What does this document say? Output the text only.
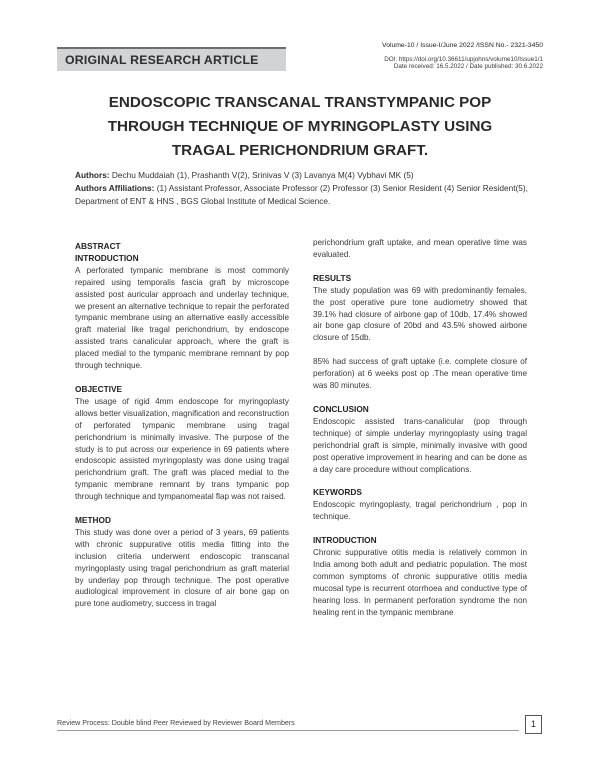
Volume-10 / Issue-I/June 2022 /ISSN No.- 2321-3450
DOI: https://doi.org/10.36611/upjohns/volume10/Issue1/1
Date received: 16.5.2022 / Date published: 30.6.2022
ORIGINAL RESEARCH ARTICLE
ENDOSCOPIC TRANSCANAL TRANSTYMPANIC POP
THROUGH TECHNIQUE OF MYRINGOPLASTY USING
TRAGAL PERICHONDRIUM GRAFT.
Authors: Dechu Muddaiah (1), Prashanth V(2), Srinivas V (3) Lavanya M(4) Vybhavi MK (5)
Authors Affiliations: (1) Assistant Professor, Associate Professor (2) Professor (3) Senior Resident (4) Senior Resident(5), Department of ENT & HNS , BGS Global Institute of Medical Science.
ABSTRACT
INTRODUCTION

A perforated tympanic membrane is most commonly repaired using temporalis fascia graft by microscope assisted post auricular approach and underlay technique, we present an alternative technique to repair the perforated tympanic membrane using an alternative easily accessible graft material like tragal perichondrium, by endoscope assisted trans canalicular approach, where the graft is placed medial to the tympanic membrane remnant by pop through technique.

OBJECTIVE

The usage of rigid 4mm endoscope for myringoplasty allows better visualization, magnification and reconstruction of perforated tympanic membrane using tragal perichondrium is minimally invasive. The purpose of the study is to put across our experience in 69 patients where endoscopic assisted myringoplasty was done using tragal perichondrium graft. The graft was placed medial to the tympanic membrane remnant by trans tympanic pop through technique and tympanomeatal flap was not raised.

METHOD

This study was done over a period of 3 years, 69 patients with chronic suppurative otitis media fitting into the inclusion criteria underwent endoscopic transcanal myringoplasty using tragal perichondrium as graft material by underlay pop through technique. The post operative audiological improvement in closure of air bone gap on pure tone audiometry, success in tragal

perichondrium graft uptake, and mean operative time was evaluated.

RESULTS

The study population was 69 with predominantly females, the post operative pure tone audiometry showed that 39.1% had closure of airbone gap of 10db, 17.4% showed air bone gap closure of 20bd and 43.5% showed airbone closure of 15db.

85% had success of graft uptake (i.e. complete closure of perforation) at 6 weeks post op .The mean operative time was 80 minutes.

CONCLUSION

Endoscopic assisted trans-canalicular (pop through technique) of simple underlay myringoplasty using tragal perichondrial graft is simple, minimally invasive with good post operative improvement in hearing and can be done as a day care procedure without complications.

KEYWORDS

Endoscopic myringoplasty, tragal perichondrium , pop in technique.

INTRODUCTION

Chronic suppurative otitis media is relatively common in India among both adult and pediatric population. The most common symptoms of chronic suppurative otitis media mucosal type is recurrent otorrhoea and conductive type of hearing loss. In permanent perforation syndrome the non healing rent in the tympanic membrane

Review Process: Double blind Peer Reviewed by Reviewer Board Members	1
